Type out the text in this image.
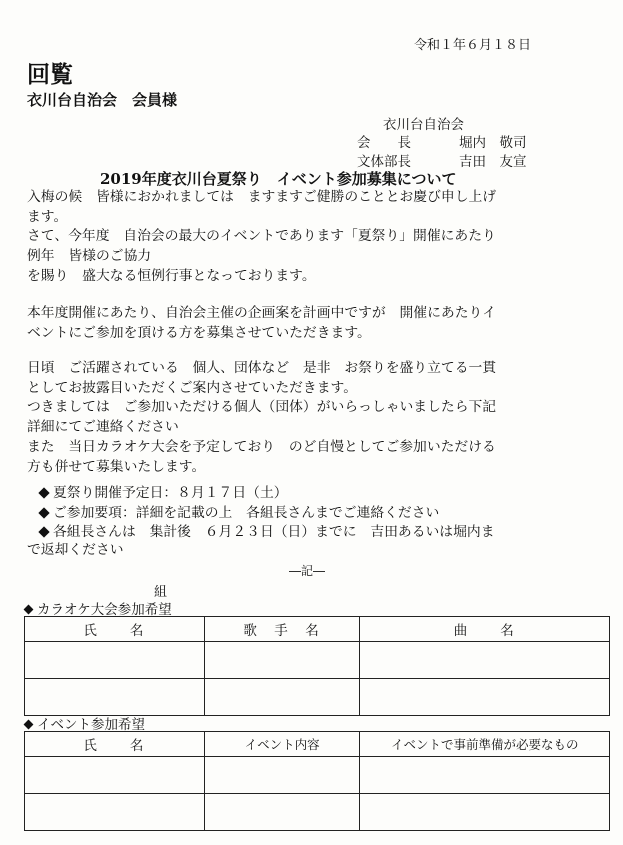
令和１年６月１８日
回覧
衣川台自治会　会員様
衣川台自治会
会　　長	堀内　敬司
文体部長	吉田　友宣
2019年度衣川台夏祭り　イベント参加募集について
入梅の候　皆様におかれましては　ますますご健勝のこととお慶び申し上げ
ます。
さて、今年度　自治会の最大のイベントであります「夏祭り」開催にあたり
例年　皆様のご協力
を賜り　盛大なる恒例行事となっております。
本年度開催にあたり、自治会主催の企画案を計画中ですが　開催にあたりイ
ベントにご参加を頂ける方を募集させていただきます。
日頃　ご活躍されている　個人、団体など　是非　お祭りを盛り立てる一貫
としてお披露目いただくご案内させていただきます。
つきましては　ご参加いただける個人（団体）がいらっしゃいましたら下記
詳細にてご連絡ください
また　当日カラオケ大会を予定しており　のど自慢としてご参加いただける
方も併せて募集いたします。
夏祭り開催予定日：８月１７日（土）
ご参加要項：詳細を記載の上　各組長さんまでご連絡ください
各組長さんは　集計後　６月２３日（日）までに　吉田あるいは堀内ま
で返却ください
―記―
組
カラオケ大会参加希望
氏　　名	歌　手　名	曲　　名

イベント参加希望
氏　　名	イベント内容	イベントで事前準備が必要なもの
